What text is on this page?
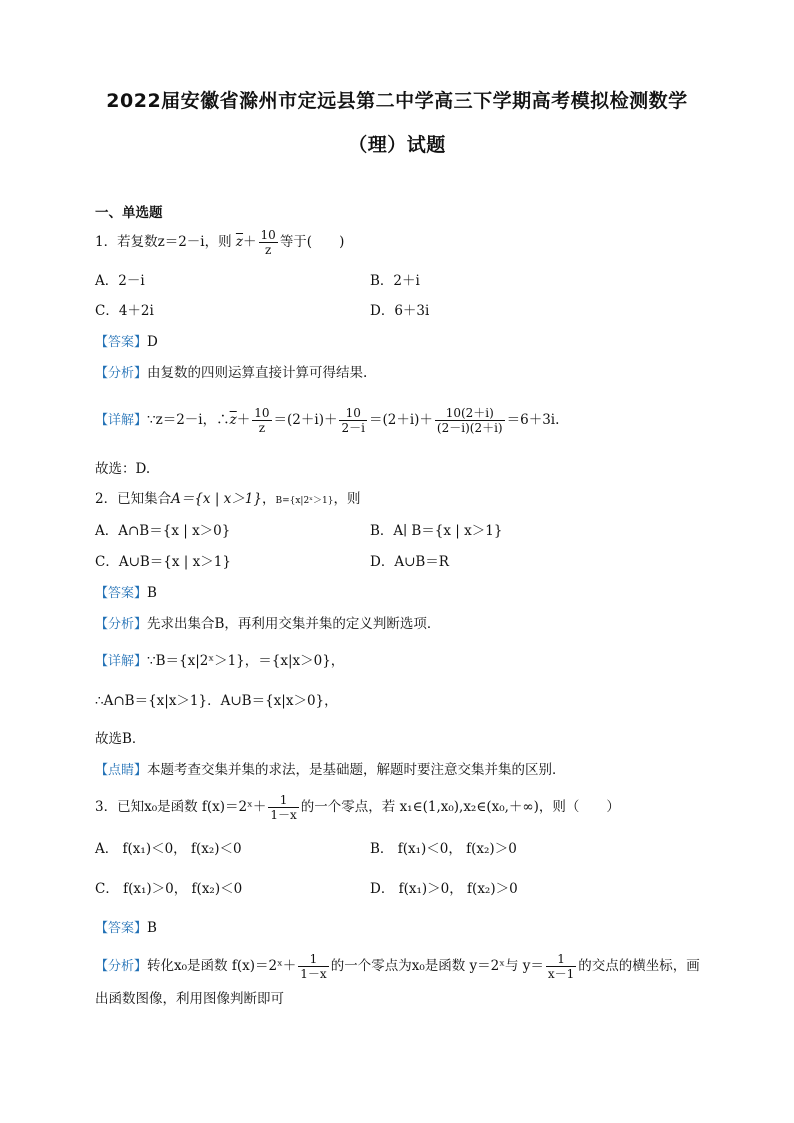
2022届安徽省滁州市定远县第二中学高三下学期高考模拟检测数学
（理）试题
一、单选题
1．若复数z＝2－i，则 $\overline{z}+ \frac{10}{z}$ 等于(　　)
A．2－i	B．2＋i
C．4＋2i	D．6＋3i
【答案】D
【分析】由复数的四则运算直接计算可得结果.
【详解】∵z＝2－i，$\therefore\overline{z}+ \frac{10}{z} =(2+i)+ \frac{10}{2-i} =(2+i)+ \frac{10(2+i)}{(2-i)(2+i)} =6+3i$.
故选：D.
2．已知集合A＝{x | x＞1}，B={x|2ˣ＞1}，则
A．A∩B＝{x | x＞0}	B．A∣ B＝{x | x＞1}
C．A∪B＝{x | x＞1}	D．A∪B＝R
【答案】B
【分析】先求出集合B，再利用交集并集的定义判断选项．
【详解】∵B＝{x|2ˣ＞1}，＝{x|x＞0}，
∴A∩B＝{x|x＞1}．A∪B＝{x|x＞0}，
故选B．
【点睛】本题考查交集并集的求法，是基础题，解题时要注意交集并集的区别．
3．已知x₀是函数 f(x)＝2ˣ＋ $\frac{1}{1-x}$ 的一个零点，若 x₁∈(1,x₀),x₂∈(x₀,＋∞)，则（　　）
A． f(x₁)＜0， f(x₂)＜0	B． f(x₁)＜0， f(x₂)＞0
C． f(x₁)＞0， f(x₂)＜0	D． f(x₁)＞0， f(x₂)＞0
【答案】B
【分析】转化x₀是函数 f(x)＝2ˣ＋ $\frac{1}{1-x}$ 的一个零点为x₀是函数 y＝2ˣ与 $y= \frac{1}{x-1}$ 的交点的横坐标，画
出函数图像，利用图像判断即可
